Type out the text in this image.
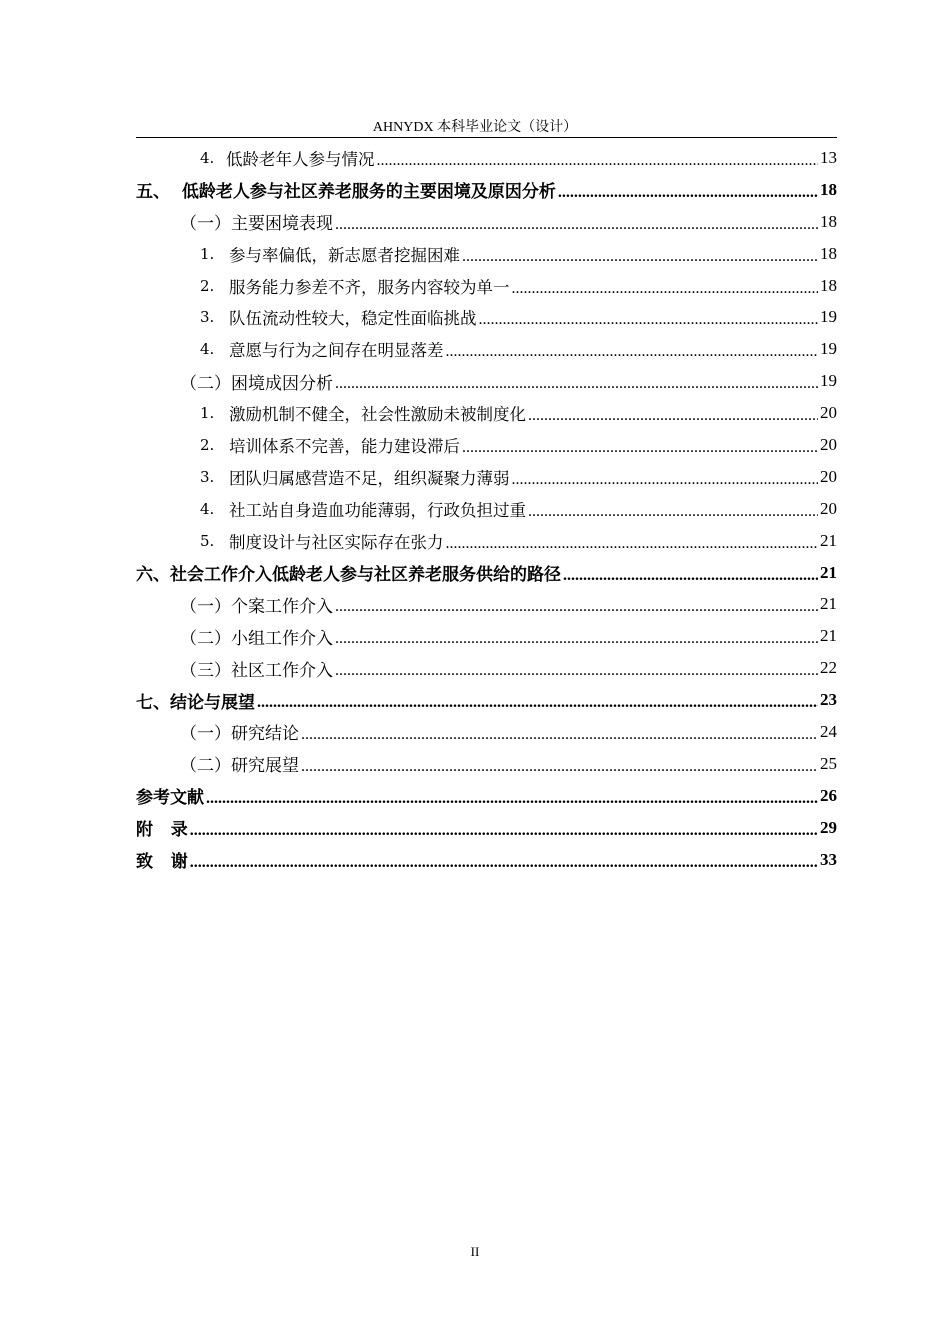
AHNYDX 本科毕业论文（设计）
4. 低龄老年人参与情况 .....	13
五、 低龄老人参与社区养老服务的主要困境及原因分析 .....	18
（一）主要困境表现 .....	18
1. 参与率偏低，新志愿者挖掘困难 .....	18
2. 服务能力参差不齐，服务内容较为单一 .....	18
3. 队伍流动性较大，稳定性面临挑战 .....	19
4. 意愿与行为之间存在明显落差 .....	19
（二）困境成因分析 .....	19
1. 激励机制不健全，社会性激励未被制度化 .....	20
2. 培训体系不完善，能力建设滞后 .....	20
3. 团队归属感营造不足，组织凝聚力薄弱 .....	20
4. 社工站自身造血功能薄弱，行政负担过重 .....	20
5. 制度设计与社区实际存在张力 .....	21
六、社会工作介入低龄老人参与社区养老服务供给的路径 .....	21
（一）个案工作介入 .....	21
（二）小组工作介入 .....	21
（三）社区工作介入 .....	22
七、结论与展望 .....	23
（一）研究结论 .....	24
（二）研究展望 .....	25
参考文献 .....	26
附   录 .....	29
致   谢 .....	33
II
